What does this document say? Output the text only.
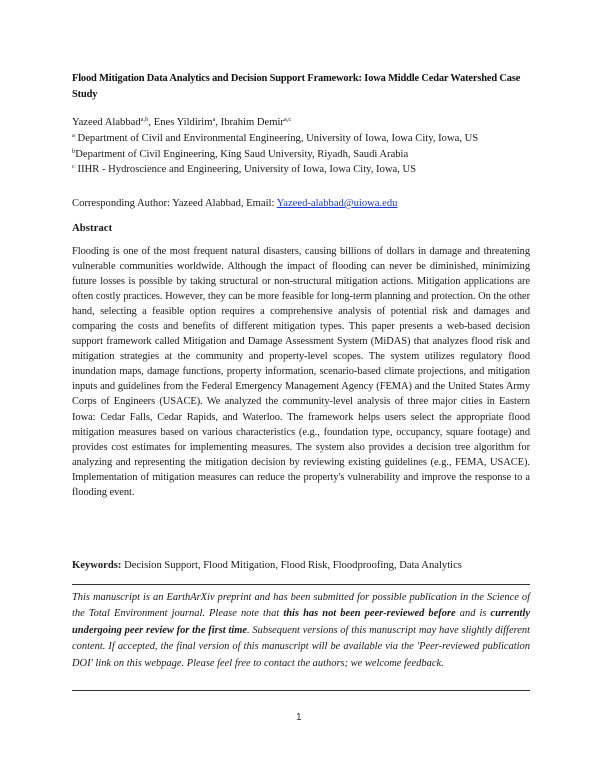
Flood Mitigation Data Analytics and Decision Support Framework: Iowa Middle Cedar Watershed Case Study
Yazeed Alabbad$^{a,b}$, Enes Yildirim$^a$, Ibrahim Demir$^{a,c}$
$^a$ Department of Civil and Environmental Engineering, University of Iowa, Iowa City, Iowa, US
$^b$Department of Civil Engineering, King Saud University, Riyadh, Saudi Arabia
$^c$ IIHR - Hydroscience and Engineering, University of Iowa, Iowa City, Iowa, US
Corresponding Author: Yazeed Alabbad, Email: Yazeed-alabbad@uiowa.edu
Abstract
Flooding is one of the most frequent natural disasters, causing billions of dollars in damage and threatening vulnerable communities worldwide. Although the impact of flooding can never be diminished, minimizing future losses is possible by taking structural or non-structural mitigation actions. Mitigation applications are often costly practices. However, they can be more feasible for long-term planning and protection. On the other hand, selecting a feasible option requires a comprehensive analysis of potential risk and damages and comparing the costs and benefits of different mitigation types. This paper presents a web-based decision support framework called Mitigation and Damage Assessment System (MiDAS) that analyzes flood risk and mitigation strategies at the community and property-level scopes. The system utilizes regulatory flood inundation maps, damage functions, property information, scenario-based climate projections, and mitigation inputs and guidelines from the Federal Emergency Management Agency (FEMA) and the United States Army Corps of Engineers (USACE). We analyzed the community-level analysis of three major cities in Eastern Iowa: Cedar Falls, Cedar Rapids, and Waterloo. The framework helps users select the appropriate flood mitigation measures based on various characteristics (e.g., foundation type, occupancy, square footage) and provides cost estimates for implementing measures. The system also provides a decision tree algorithm for analyzing and representing the mitigation decision by reviewing existing guidelines (e.g., FEMA, USACE). Implementation of mitigation measures can reduce the property's vulnerability and improve the response to a flooding event.
Keywords: Decision Support, Flood Mitigation, Flood Risk, Floodproofing, Data Analytics
This manuscript is an EarthArXiv preprint and has been submitted for possible publication in the Science of the Total Environment journal. Please note that this has not been peer-reviewed before and is currently undergoing peer review for the first time. Subsequent versions of this manuscript may have slightly different content. If accepted, the final version of this manuscript will be available via the 'Peer-reviewed publication DOI' link on this webpage. Please feel free to contact the authors; we welcome feedback.
1
